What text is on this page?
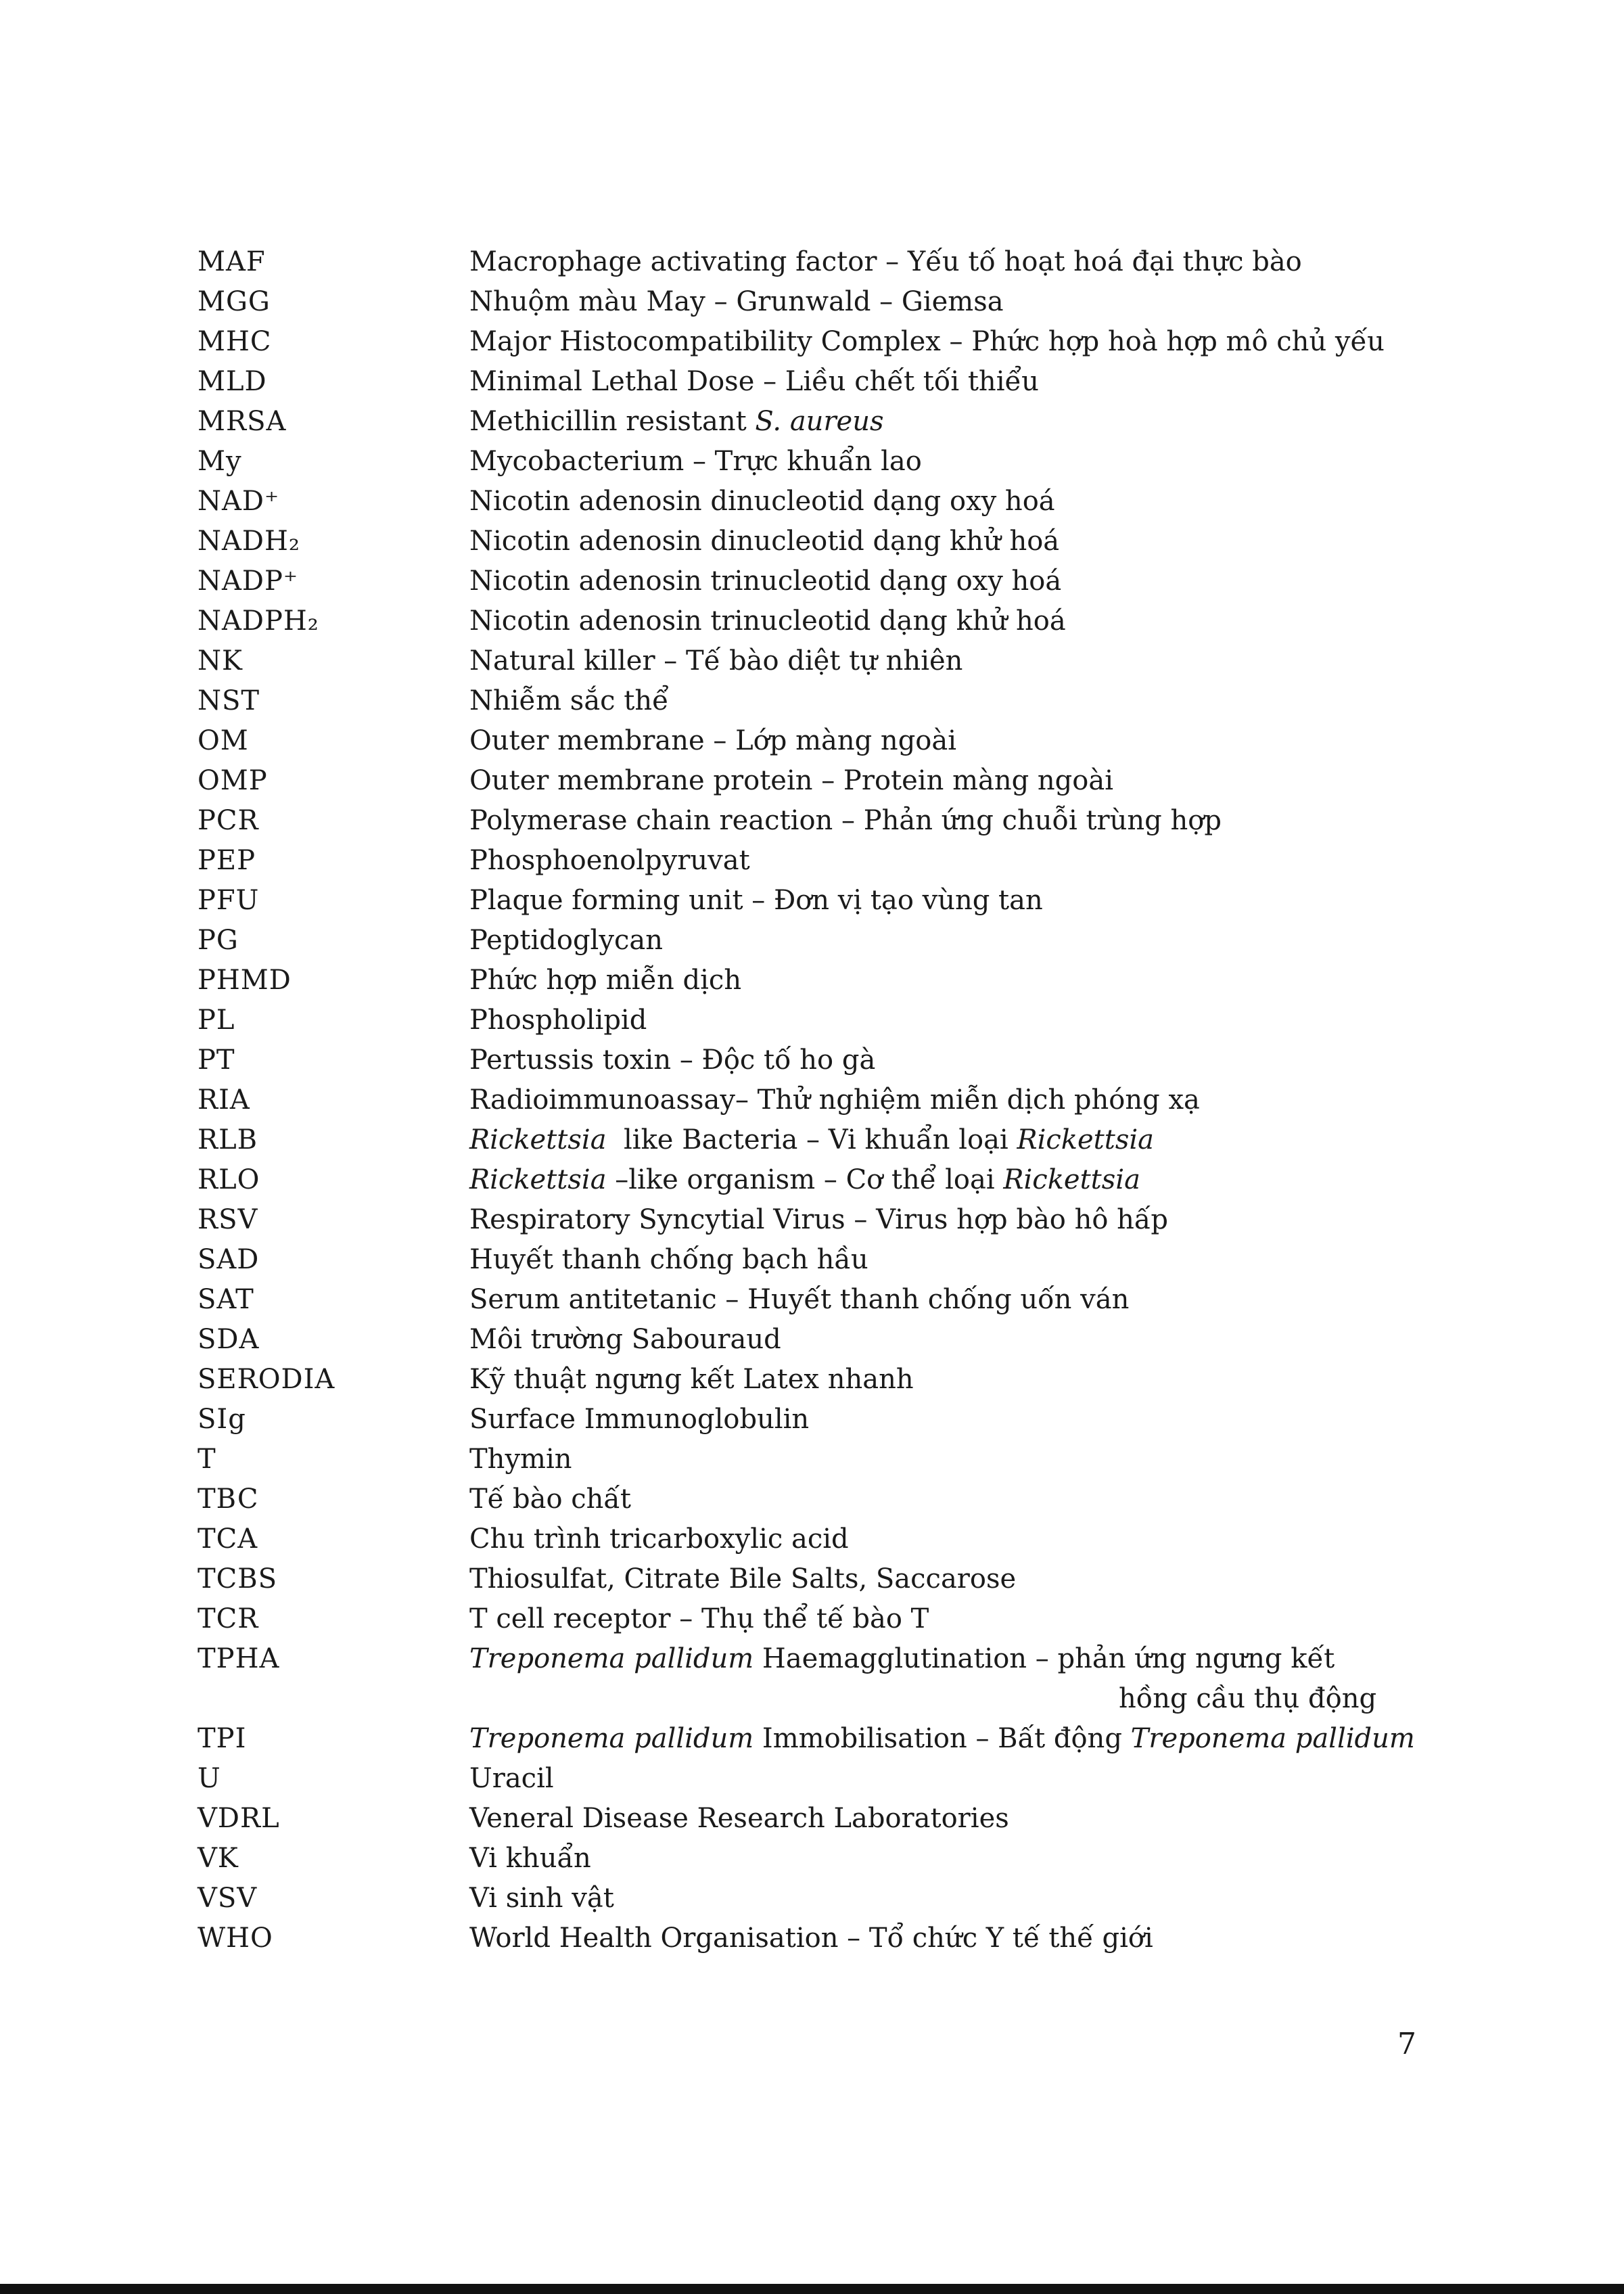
MAF	Macrophage activating factor – Yếu tố hoạt hoá đại thực bào
MGG	Nhuộm màu May – Grunwald – Giemsa
MHC	Major Histocompatibility Complex – Phức hợp hoà hợp mô chủ yếu
MLD	Minimal Lethal Dose – Liều chết tối thiểu
MRSA	Methicillin resistant S. aureus
My	Mycobacterium – Trực khuẩn lao
NAD⁺	Nicotin adenosin dinucleotid dạng oxy hoá
NADH₂	Nicotin adenosin dinucleotid dạng khử hoá
NADP⁺	Nicotin adenosin trinucleotid dạng oxy hoá
NADPH₂	Nicotin adenosin trinucleotid dạng khử hoá
NK	Natural killer – Tế bào diệt tự nhiên
NST	Nhiễm sắc thể
OM	Outer membrane – Lớp màng ngoài
OMP	Outer membrane protein – Protein màng ngoài
PCR	Polymerase chain reaction – Phản ứng chuỗi trùng hợp
PEP	Phosphoenolpyruvat
PFU	Plaque forming unit – Đơn vị tạo vùng tan
PG	Peptidoglycan
PHMD	Phức hợp miễn dịch
PL	Phospholipid
PT	Pertussis toxin – Độc tố ho gà
RIA	Radioimmunoassay– Thử nghiệm miễn dịch phóng xạ
RLB	Rickettsia  like Bacteria – Vi khuẩn loại Rickettsia
RLO	Rickettsia –like organism – Cơ thể loại Rickettsia
RSV	Respiratory Syncytial Virus – Virus hợp bào hô hấp
SAD	Huyết thanh chống bạch hầu
SAT	Serum antitetanic – Huyết thanh chống uốn ván
SDA	Môi trường Sabouraud
SERODIA	Kỹ thuật ngưng kết Latex nhanh
SIg	Surface Immunoglobulin
T	Thymin
TBC	Tế bào chất
TCA	Chu trình tricarboxylic acid
TCBS	Thiosulfat, Citrate Bile Salts, Saccarose
TCR	T cell receptor – Thụ thể tế bào T
TPHA	Treponema pallidum Haemagglutination – phản ứng ngưng kết
hồng cầu thụ động
TPI	Treponema pallidum Immobilisation – Bất động Treponema pallidum
U	Uracil
VDRL	Veneral Disease Research Laboratories
VK	Vi khuẩn
VSV	Vi sinh vật
WHO	World Health Organisation – Tổ chức Y tế thế giới
7
